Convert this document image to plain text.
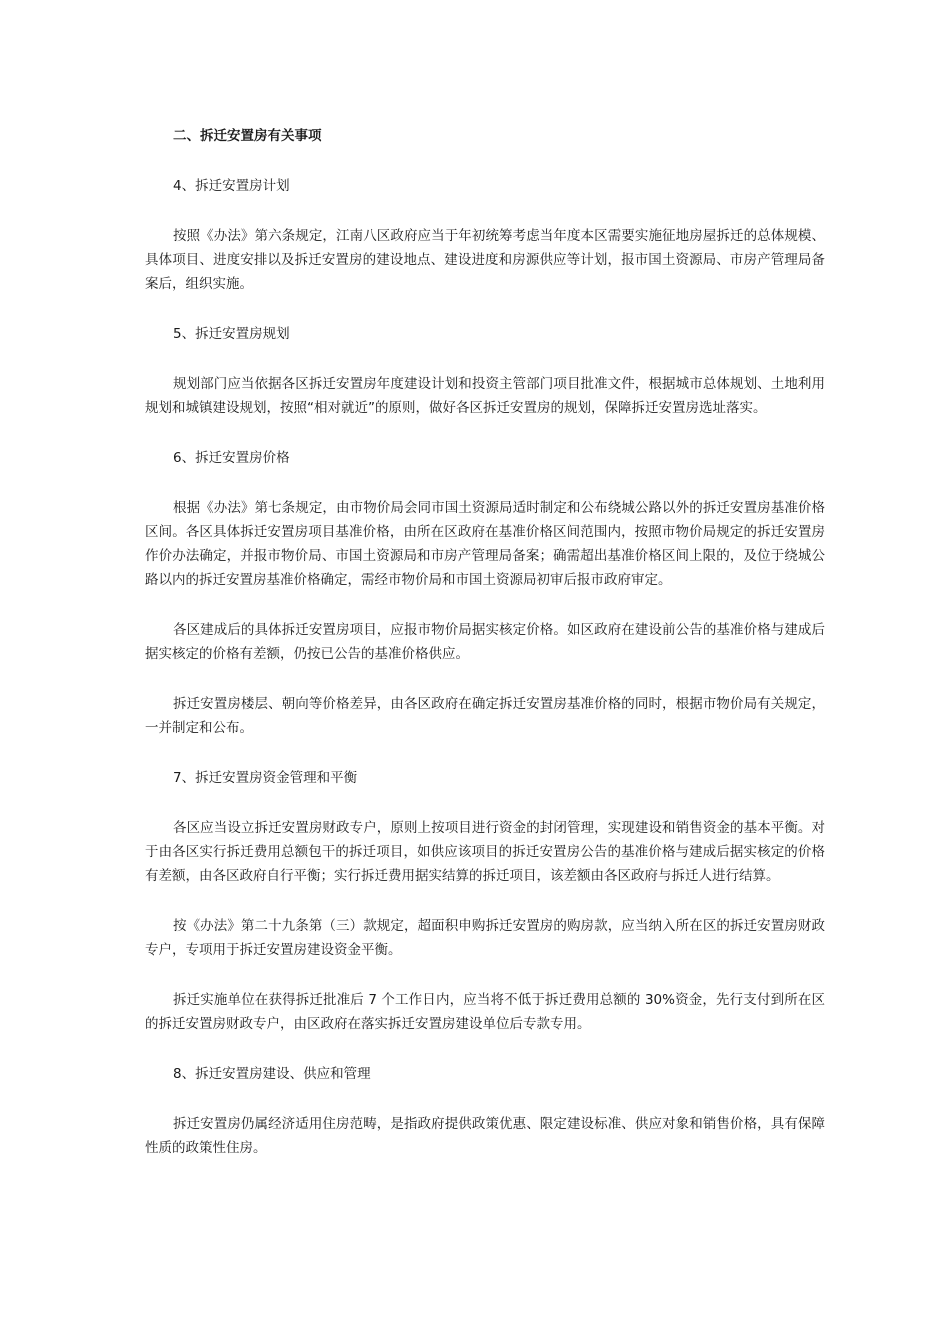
二、拆迁安置房有关事项

4、拆迁安置房计划

按照《办法》第六条规定，江南八区政府应当于年初统筹考虑当年度本区需要实施征地房屋拆迁的总体规模、具体项目、进度安排以及拆迁安置房的建设地点、建设进度和房源供应等计划，报市国土资源局、市房产管理局备案后，组织实施。

5、拆迁安置房规划

规划部门应当依据各区拆迁安置房年度建设计划和投资主管部门项目批准文件，根据城市总体规划、土地利用规划和城镇建设规划，按照“相对就近”的原则，做好各区拆迁安置房的规划，保障拆迁安置房选址落实。

6、拆迁安置房价格

根据《办法》第七条规定，由市物价局会同市国土资源局适时制定和公布绕城公路以外的拆迁安置房基准价格区间。各区具体拆迁安置房项目基准价格，由所在区政府在基准价格区间范围内，按照市物价局规定的拆迁安置房作价办法确定，并报市物价局、市国土资源局和市房产管理局备案；确需超出基准价格区间上限的，及位于绕城公路以内的拆迁安置房基准价格确定，需经市物价局和市国土资源局初审后报市政府审定。

各区建成后的具体拆迁安置房项目，应报市物价局据实核定价格。如区政府在建设前公告的基准价格与建成后据实核定的价格有差额，仍按已公告的基准价格供应。

拆迁安置房楼层、朝向等价格差异，由各区政府在确定拆迁安置房基准价格的同时，根据市物价局有关规定，一并制定和公布。

7、拆迁安置房资金管理和平衡

各区应当设立拆迁安置房财政专户，原则上按项目进行资金的封闭管理，实现建设和销售资金的基本平衡。对于由各区实行拆迁费用总额包干的拆迁项目，如供应该项目的拆迁安置房公告的基准价格与建成后据实核定的价格有差额，由各区政府自行平衡；实行拆迁费用据实结算的拆迁项目，该差额由各区政府与拆迁人进行结算。

按《办法》第二十九条第（三）款规定，超面积申购拆迁安置房的购房款，应当纳入所在区的拆迁安置房财政专户，专项用于拆迁安置房建设资金平衡。

拆迁实施单位在获得拆迁批准后 7 个工作日内，应当将不低于拆迁费用总额的 30%资金，先行支付到所在区的拆迁安置房财政专户，由区政府在落实拆迁安置房建设单位后专款专用。

8、拆迁安置房建设、供应和管理

拆迁安置房仍属经济适用住房范畴，是指政府提供政策优惠、限定建设标准、供应对象和销售价格，具有保障性质的政策性住房。
